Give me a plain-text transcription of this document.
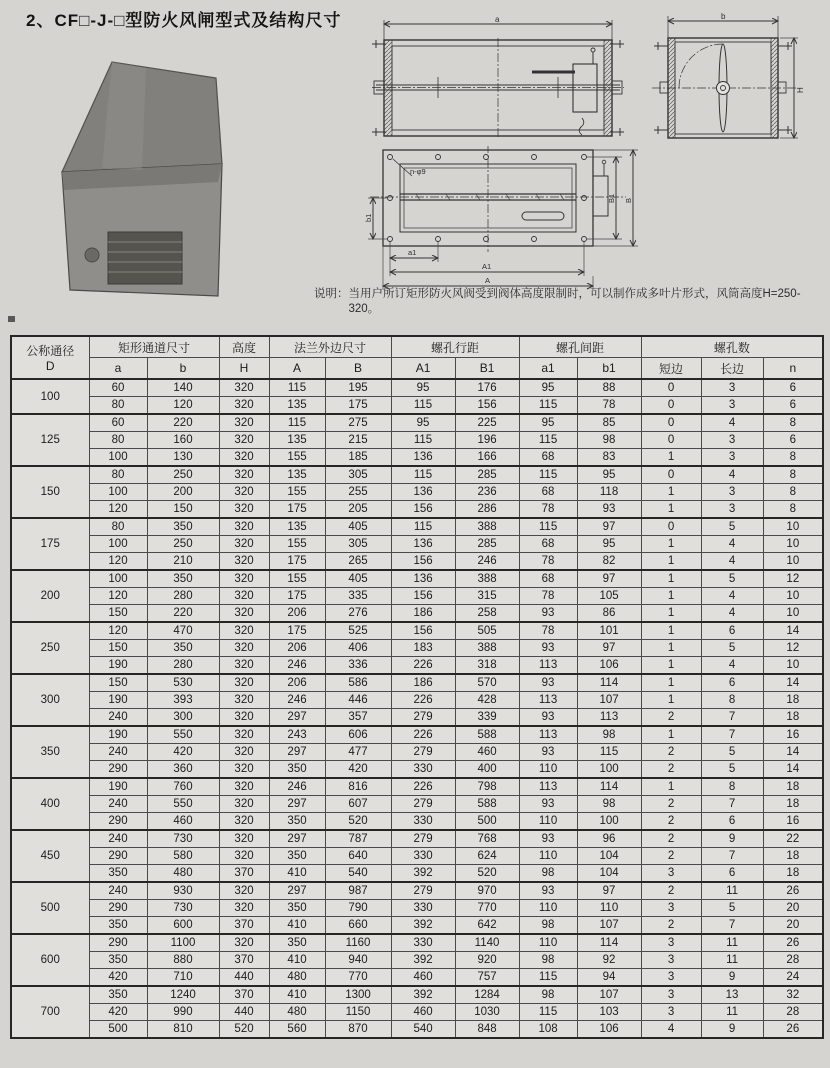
2、CF□-J-□型防火风闸型式及结构尺寸	a	b
H
n-φ9
b1
B1 B
a1
A1
A
说明： 当用户所订矩形防火风阀受到阀体高度限制时，可以制作成多叶片形式，风筒高度H=250-320。
公称通径
D	矩形通道尺寸		高度	法兰外边尺寸		螺孔行距		螺孔间距		螺孔数		
	a	b	H	A	B	A1	B1	a1	b1	短边	长边	n
100	60	140	320	115	195	95	176	95	88	0	3	6
	80	120	320	135	175	115	156	115	78	0	3	6
125	60	220	320	115	275	95	225	95	85	0	4	8
	80	160	320	135	215	115	196	115	98	0	3	6
	100	130	320	155	185	136	166	68	83	1	3	8
150	80	250	320	135	305	115	285	115	95	0	4	8
	100	200	320	155	255	136	236	68	118	1	3	8
	120	150	320	175	205	156	286	78	93	1	3	8
175	80	350	320	135	405	115	388	115	97	0	5	10
	100	250	320	155	305	136	285	68	95	1	4	10
	120	210	320	175	265	156	246	78	82	1	4	10
200	100	350	320	155	405	136	388	68	97	1	5	12
	120	280	320	175	335	156	315	78	105	1	4	10
	150	220	320	206	276	186	258	93	86	1	4	10
250	120	470	320	175	525	156	505	78	101	1	6	14
	150	350	320	206	406	183	388	93	97	1	5	12
	190	280	320	246	336	226	318	113	106	1	4	10
300	150	530	320	206	586	186	570	93	114	1	6	14
	190	393	320	246	446	226	428	113	107	1	8	18
	240	300	320	297	357	279	339	93	113	2	7	18
350	190	550	320	243	606	226	588	113	98	1	7	16
	240	420	320	297	477	279	460	93	115	2	5	14
	290	360	320	350	420	330	400	110	100	2	5	14
400	190	760	320	246	816	226	798	113	114	1	8	18
	240	550	320	297	607	279	588	93	98	2	7	18
	290	460	320	350	520	330	500	110	100	2	6	16
450	240	730	320	297	787	279	768	93	96	2	9	22
	290	580	320	350	640	330	624	110	104	2	7	18
	350	480	370	410	540	392	520	98	104	3	6	18
500	240	930	320	297	987	279	970	93	97	2	11	26
	290	730	320	350	790	330	770	110	110	3	5	20
	350	600	370	410	660	392	642	98	107	2	7	20
600	290	1100	320	350	1160	330	1140	110	114	3	11	26
	350	880	370	410	940	392	920	98	92	3	11	28
	420	710	440	480	770	460	757	115	94	3	9	24
700	350	1240	370	410	1300	392	1284	98	107	3	13	32
	420	990	440	480	1150	460	1030	115	103	3	11	28
	500	810	520	560	870	540	848	108	106	4	9	26
